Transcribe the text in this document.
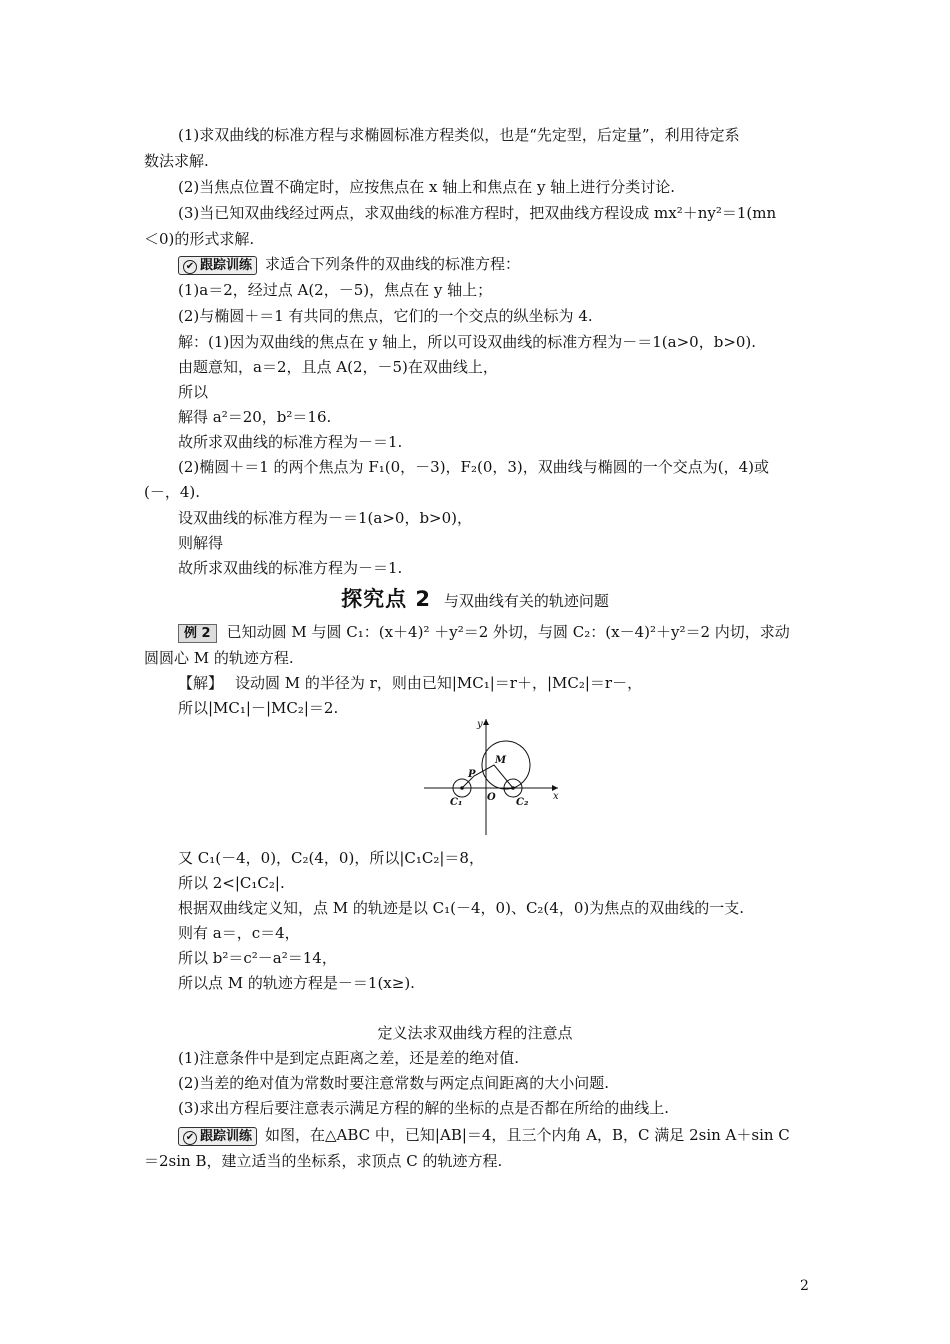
(1)求双曲线的标准方程与求椭圆标准方程类似，也是“先定型，后定量”，利用待定系
数法求解.
(2)当焦点位置不确定时，应按焦点在 x 轴上和焦点在 y 轴上进行分类讨论.
(3)当已知双曲线经过两点，求双曲线的标准方程时，把双曲线方程设成 mx²＋ny²＝1(mn
＜0)的形式求解.
✔ 跟踪训练 求适合下列条件的双曲线的标准方程：
(1)a＝2，经过点 A(2，－5)，焦点在 y 轴上；
(2)与椭圆＋＝1 有共同的焦点，它们的一个交点的纵坐标为 4.
解：(1)因为双曲线的焦点在 y 轴上，所以可设双曲线的标准方程为－＝1(a>0，b>0).
由题意知，a＝2，且点 A(2，－5)在双曲线上，
所以
解得 a²＝20，b²＝16.
故所求双曲线的标准方程为－＝1.
(2)椭圆＋＝1 的两个焦点为 F₁(0，－3)，F₂(0，3)，双曲线与椭圆的一个交点为(，4)或
(－，4).
设双曲线的标准方程为－＝1(a>0，b>0)，
则解得
故所求双曲线的标准方程为－＝1.
探究点 2 与双曲线有关的轨迹问题
例 2 已知动圆 M 与圆 C₁：(x＋4)² ＋y²＝2 外切，与圆 C₂：(x－4)²＋y²＝2 内切，求动
圆圆心 M 的轨迹方程.
【解】 设动圆 M 的半径为 r，则由已知|MC₁|＝r＋，|MC₂|＝r－，
所以|MC₁|－|MC₂|＝2.
y
x
M
P
O
C₁	C₂
又 C₁(－4，0)，C₂(4，0)，所以|C₁C₂|＝8，
所以 2<|C₁C₂|.
根据双曲线定义知，点 M 的轨迹是以 C₁(－4，0)、C₂(4，0)为焦点的双曲线的一支.
则有 a＝，c＝4，
所以 b²＝c²－a²＝14，
所以点 M 的轨迹方程是－＝1(x≥).
定义法求双曲线方程的注意点
(1)注意条件中是到定点距离之差，还是差的绝对值.
(2)当差的绝对值为常数时要注意常数与两定点间距离的大小问题.
(3)求出方程后要注意表示满足方程的解的坐标的点是否都在所给的曲线上.
✔ 跟踪训练 如图，在△ABC 中，已知|AB|＝4，且三个内角 A，B，C 满足 2sin A＋sin C
＝2sin B，建立适当的坐标系，求顶点 C 的轨迹方程.
2
